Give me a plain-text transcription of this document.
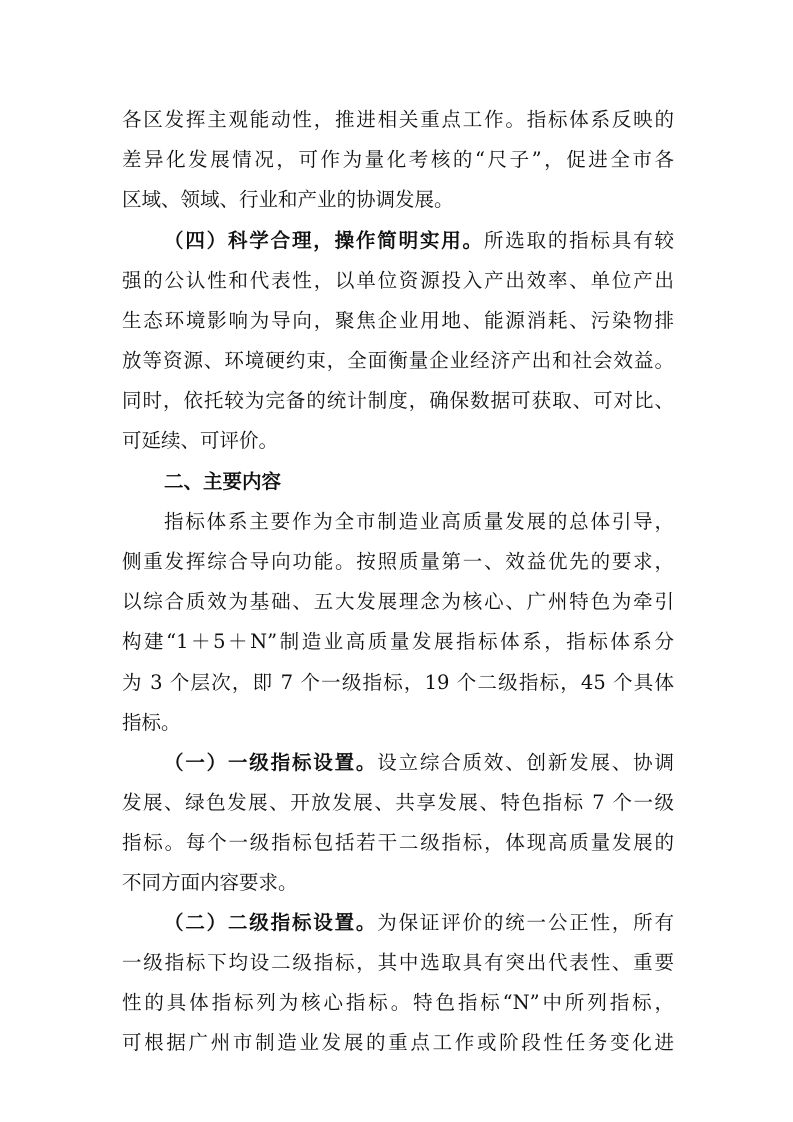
各区发挥主观能动性，推进相关重点工作。指标体系反映的
差异化发展情况，可作为量化考核的“尺子”，促进全市各
区域、领域、行业和产业的协调发展。
（四）科学合理，操作简明实用。所选取的指标具有较
强的公认性和代表性，以单位资源投入产出效率、单位产出
生态环境影响为导向，聚焦企业用地、能源消耗、污染物排
放等资源、环境硬约束，全面衡量企业经济产出和社会效益。
同时，依托较为完备的统计制度，确保数据可获取、可对比、
可延续、可评价。
二、主要内容
指标体系主要作为全市制造业高质量发展的总体引导，
侧重发挥综合导向功能。按照质量第一、效益优先的要求，
以综合质效为基础、五大发展理念为核心、广州特色为牵引
构建“1＋5＋N”制造业高质量发展指标体系，指标体系分
为 3 个层次，即 7 个一级指标，19 个二级指标，45 个具体
指标。
（一）一级指标设置。设立综合质效、创新发展、协调
发展、绿色发展、开放发展、共享发展、特色指标 7 个一级
指标。每个一级指标包括若干二级指标，体现高质量发展的
不同方面内容要求。
（二）二级指标设置。为保证评价的统一公正性，所有
一级指标下均设二级指标，其中选取具有突出代表性、重要
性的具体指标列为核心指标。特色指标“N”中所列指标，
可根据广州市制造业发展的重点工作或阶段性任务变化进
